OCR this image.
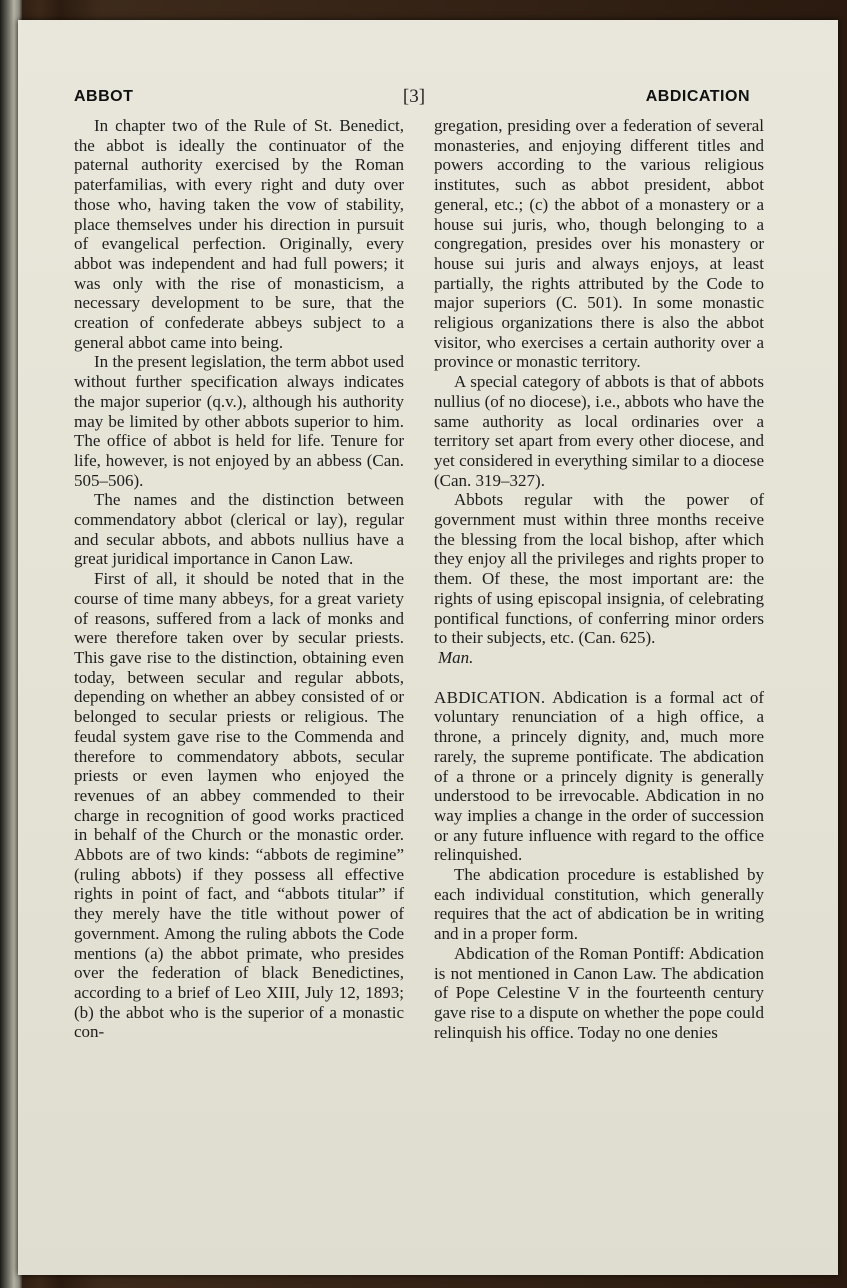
ABBOT	[3]	ABDICATION

In chapter two of the Rule of St. Benedict, the abbot is ideally the continuator of the paternal authority exercised by the Roman paterfamilias, with every right and duty over those who, having taken the vow of stability, place themselves under his direction in pursuit of evangelical perfection. Originally, every abbot was independent and had full powers; it was only with the rise of monasticism, a necessary development to be sure, that the creation of confederate abbeys subject to a general abbot came into being.

In the present legislation, the term abbot used without further specification always indicates the major superior (q.v.), although his authority may be limited by other abbots superior to him. The office of abbot is held for life. Tenure for life, however, is not enjoyed by an abbess (Can. 505–506).

The names and the distinction between commendatory abbot (clerical or lay), regular and secular abbots, and abbots nullius have a great juridical importance in Canon Law.

First of all, it should be noted that in the course of time many abbeys, for a great variety of reasons, suffered from a lack of monks and were therefore taken over by secular priests. This gave rise to the distinction, obtaining even today, between secular and regular abbots, depending on whether an abbey consisted of or belonged to secular priests or religious. The feudal system gave rise to the Commenda and therefore to commendatory abbots, secular priests or even laymen who enjoyed the revenues of an abbey commended to their charge in recognition of good works practiced in behalf of the Church or the monastic order. Abbots are of two kinds: “abbots de regimine” (ruling abbots) if they possess all effective rights in point of fact, and “abbots titular” if they merely have the title without power of government. Among the ruling abbots the Code mentions (a) the abbot primate, who presides over the federation of black Benedictines, according to a brief of Leo XIII, July 12, 1893; (b) the abbot who is the superior of a monastic con-

gregation, presiding over a federation of several monasteries, and enjoying different titles and powers according to the various religious institutes, such as abbot president, abbot general, etc.; (c) the abbot of a monastery or a house sui juris, who, though belonging to a congregation, presides over his monastery or house sui juris and always enjoys, at least partially, the rights attributed by the Code to major superiors (C. 501). In some monastic religious organizations there is also the abbot visitor, who exercises a certain authority over a province or monastic territory.

A special category of abbots is that of abbots nullius (of no diocese), i.e., abbots who have the same authority as local ordinaries over a territory set apart from every other diocese, and yet considered in everything similar to a diocese (Can. 319–327).

Abbots regular with the power of government must within three months receive the blessing from the local bishop, after which they enjoy all the privileges and rights proper to them. Of these, the most important are: the rights of using episcopal insignia, of celebrating pontifical functions, of conferring minor orders to their subjects, etc. (Can. 625).

Man.

ABDICATION. Abdication is a formal act of voluntary renunciation of a high office, a throne, a princely dignity, and, much more rarely, the supreme pontificate. The abdication of a throne or a princely dignity is generally understood to be irrevocable. Abdication in no way implies a change in the order of succession or any future influence with regard to the office relinquished.

The abdication procedure is established by each individual constitution, which generally requires that the act of abdication be in writing and in a proper form.

Abdication of the Roman Pontiff: Abdication is not mentioned in Canon Law. The abdication of Pope Celestine V in the fourteenth century gave rise to a dispute on whether the pope could relinquish his office. Today no one denies
